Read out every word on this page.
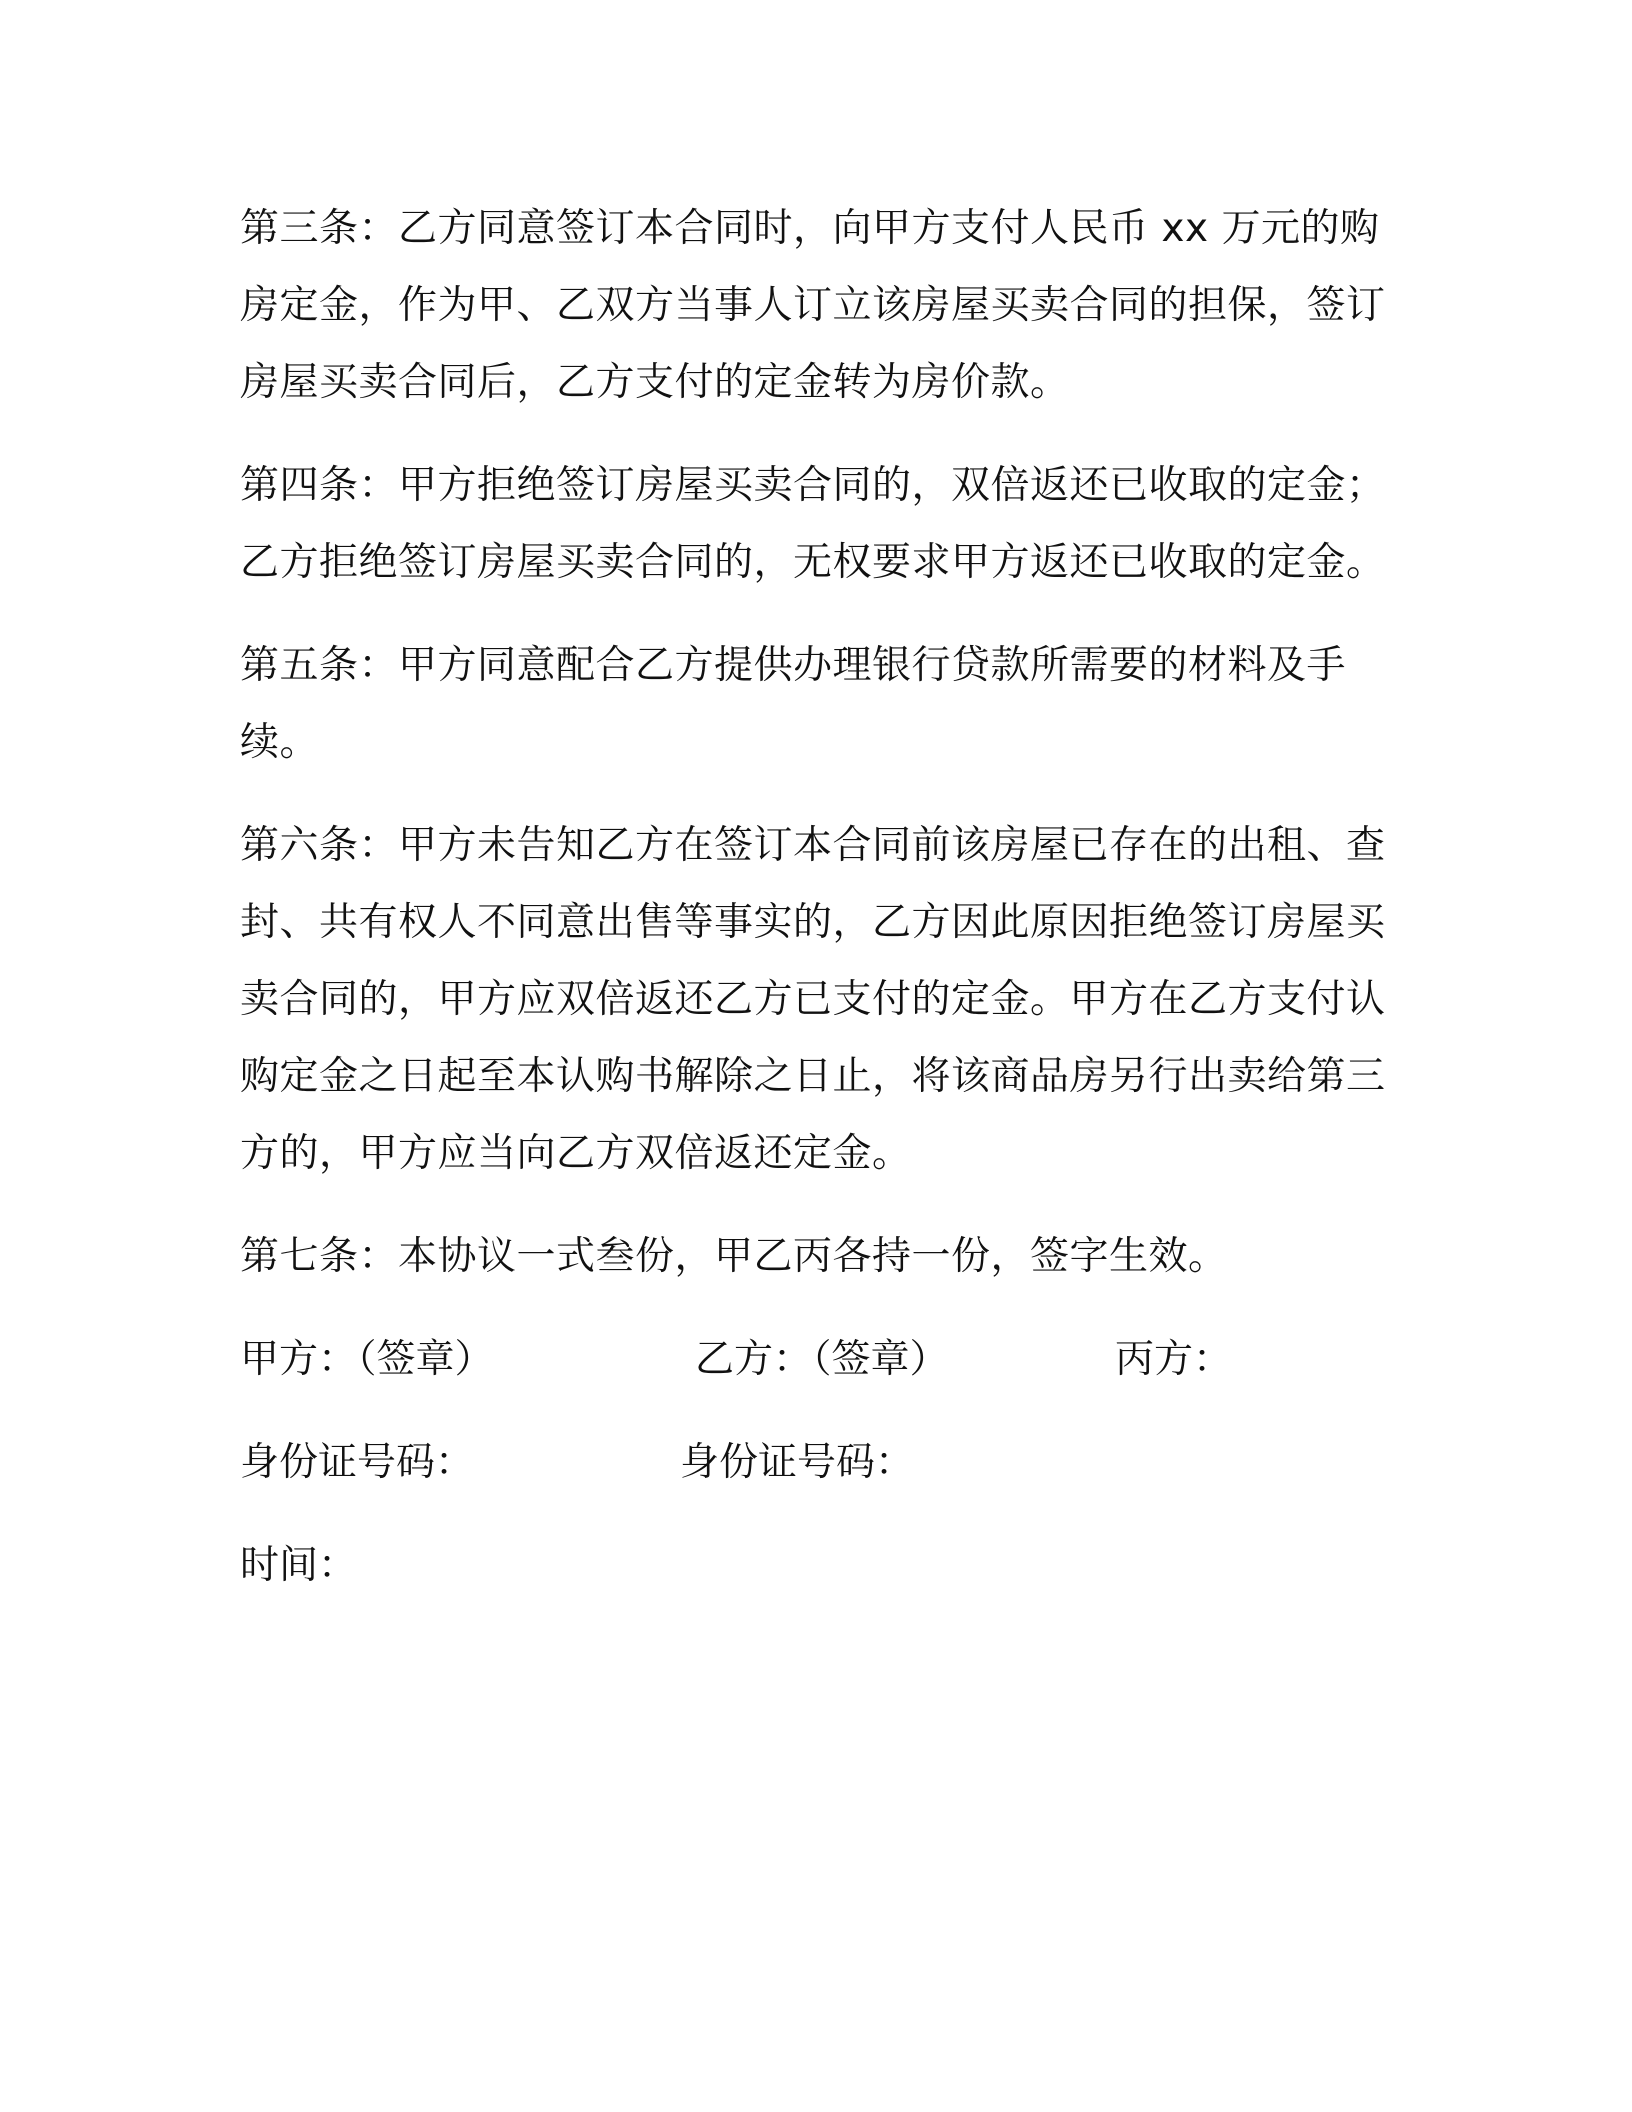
第三条：乙方同意签订本合同时，向甲方支付人民币 xx 万元的购房定金，作为甲、乙双方当事人订立该房屋买卖合同的担保，签订房屋买卖合同后，乙方支付的定金转为房价款。

第四条：甲方拒绝签订房屋买卖合同的，双倍返还已收取的定金；乙方拒绝签订房屋买卖合同的，无权要求甲方返还已收取的定金。

第五条：甲方同意配合乙方提供办理银行贷款所需要的材料及手续。

第六条：甲方未告知乙方在签订本合同前该房屋已存在的出租、查封、共有权人不同意出售等事实的，乙方因此原因拒绝签订房屋买卖合同的，甲方应双倍返还乙方已支付的定金。甲方在乙方支付认购定金之日起至本认购书解除之日止，将该商品房另行出卖给第三方的，甲方应当向乙方双倍返还定金。

第七条：本协议一式叁份，甲乙丙各持一份，签字生效。

甲方：（签章）	乙方：（签章）	丙方：
身份证号码：	身份证号码：
时间：
